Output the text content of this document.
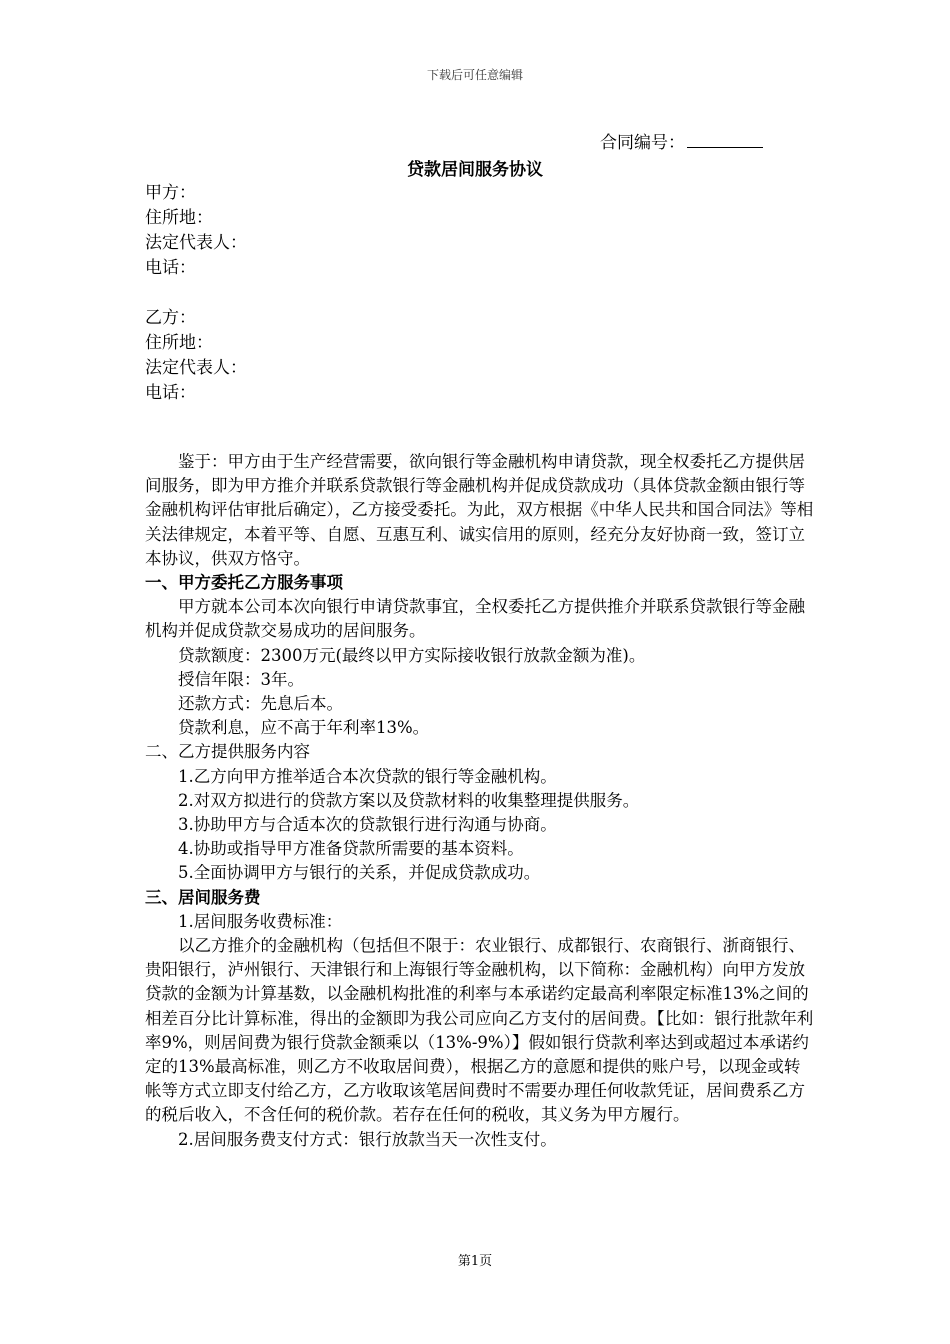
下载后可任意编辑
合同编号：
贷款居间服务协议
甲方：
住所地：
法定代表人：
电话：
乙方：
住所地：
法定代表人：
电话：

鉴于：甲方由于生产经营需要，欲向银行等金融机构申请贷款，现全权委托乙方提供居间服务，即为甲方推介并联系贷款银行等金融机构并促成贷款成功（具体贷款金额由银行等金融机构评估审批后确定），乙方接受委托。为此，双方根据《中华人民共和国合同法》等相关法律规定，本着平等、自愿、互惠互利、诚实信用的原则，经充分友好协商一致，签订立本协议，供双方恪守。

一、甲方委托乙方服务事项

甲方就本公司本次向银行申请贷款事宜，全权委托乙方提供推介并联系贷款银行等金融机构并促成贷款交易成功的居间服务。

贷款额度：2300万元(最终以甲方实际接收银行放款金额为准)。

授信年限：3年。

还款方式：先息后本。

贷款利息，应不高于年利率13%。

二、乙方提供服务内容

1.乙方向甲方推举适合本次贷款的银行等金融机构。

2.对双方拟进行的贷款方案以及贷款材料的收集整理提供服务。

3.协助甲方与合适本次的贷款银行进行沟通与协商。

4.协助或指导甲方准备贷款所需要的基本资料。

5.全面协调甲方与银行的关系，并促成贷款成功。

三、居间服务费

1.居间服务收费标准：

以乙方推介的金融机构（包括但不限于：农业银行、成都银行、农商银行、浙商银行、贵阳银行，泸州银行、天津银行和上海银行等金融机构，以下简称：金融机构）向甲方发放贷款的金额为计算基数，以金融机构批准的利率与本承诺约定最高利率限定标准13%之间的相差百分比计算标准，得出的金额即为我公司应向乙方支付的居间费。【比如：银行批款年利率9%，则居间费为银行贷款金额乘以（13%-9%）】假如银行贷款利率达到或超过本承诺约定的13%最高标准，则乙方不收取居间费），根据乙方的意愿和提供的账户号，以现金或转帐等方式立即支付给乙方，乙方收取该笔居间费时不需要办理任何收款凭证，居间费系乙方的税后收入，不含任何的税价款。若存在任何的税收，其义务为甲方履行。

2.居间服务费支付方式：银行放款当天一次性支付。

第1页
